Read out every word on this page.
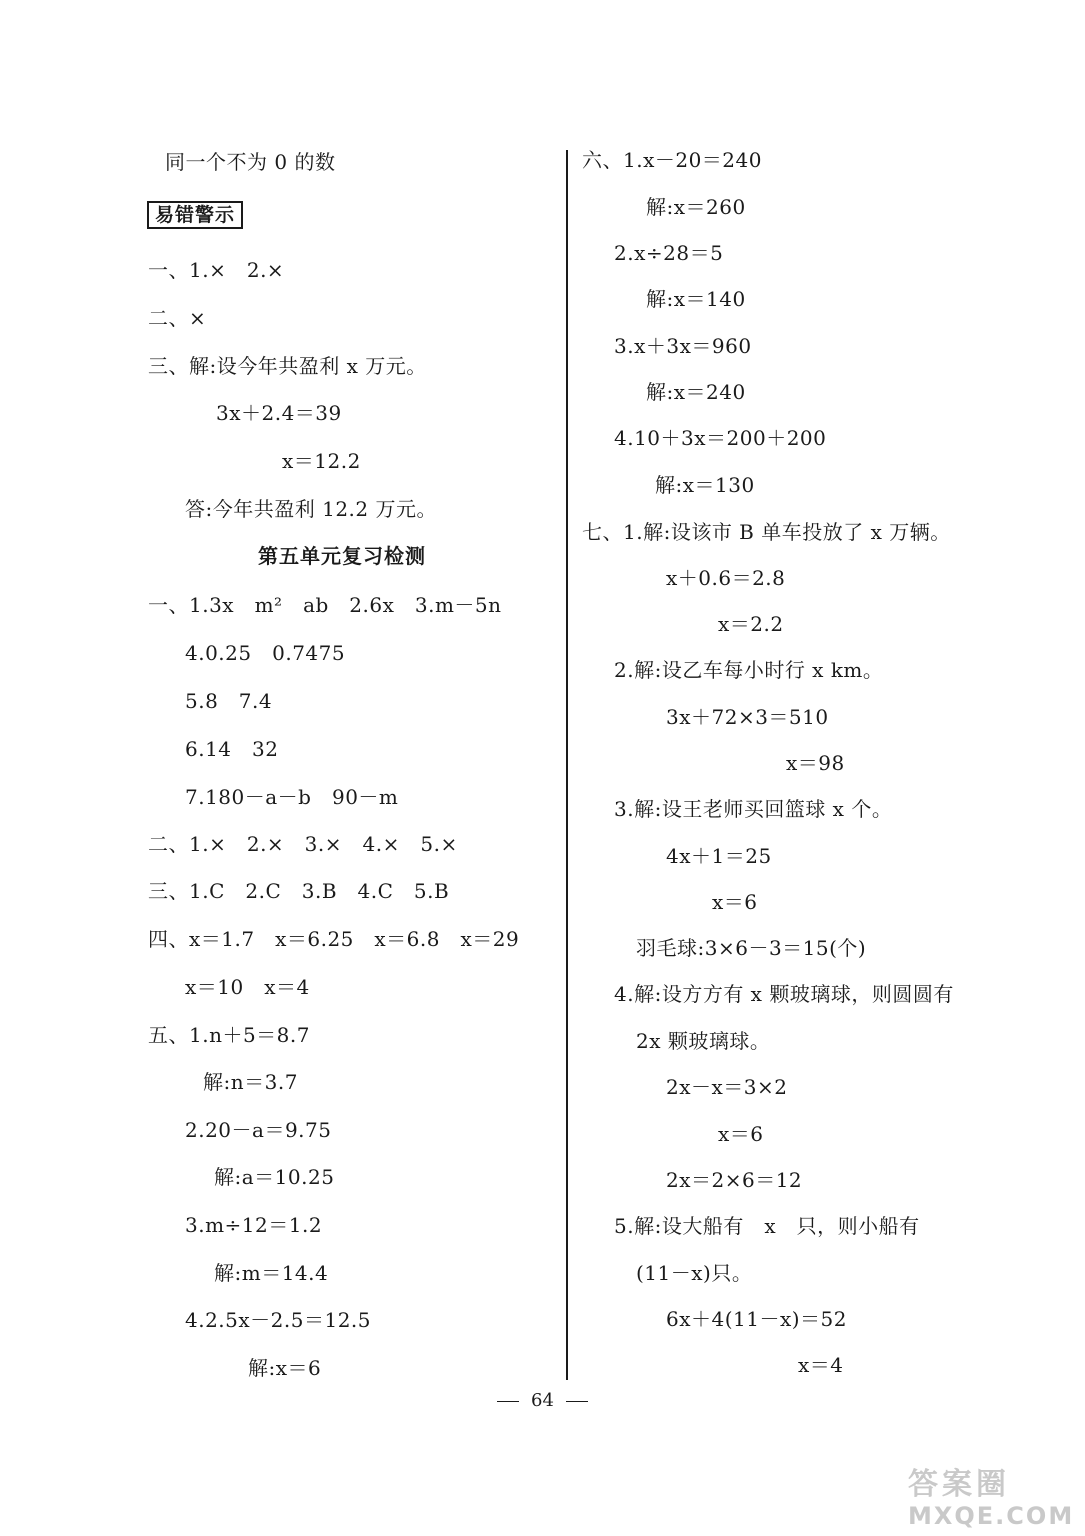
同一个不为 0 的数
易错警示
一、1.×　2.×
二、×
三、解:设今年共盈利 x 万元。
3x＋2.4＝39
x＝12.2
答:今年共盈利 12.2 万元。
第五单元复习检测
一、1.3x　m²　ab　2.6x　3.m－5n
4.0.25　0.7475
5.8　7.4
6.14　32
7.180－a－b　90－m
二、1.×　2.×　3.×　4.×　5.×
三、1.C　2.C　3.B　4.C　5.B
四、x＝1.7　x＝6.25　x＝6.8　x＝29
x＝10　x＝4
五、1.n＋5＝8.7
解:n＝3.7
2.20－a＝9.75
解:a＝10.25
3.m÷12＝1.2
解:m＝14.4
4.2.5x－2.5＝12.5
解:x＝6
六、1.x－20＝240
解:x＝260
2.x÷28＝5
解:x＝140
3.x＋3x＝960
解:x＝240
4.10＋3x＝200＋200
解:x＝130
七、1.解:设该市 B 单车投放了 x 万辆。
x＋0.6＝2.8
x＝2.2
2.解:设乙车每小时行 x km。
3x＋72×3＝510
x＝98
3.解:设王老师买回篮球 x 个。
4x＋1＝25
x＝6
羽毛球:3×6－3＝15(个)
4.解:设方方有 x 颗玻璃球，则圆圆有
2x 颗玻璃球。
2x－x＝3×2
x＝6
2x＝2×6＝12
5.解:设大船有　x　只，则小船有
(11－x)只。
6x＋4(11－x)＝52
x＝4
64
答案圈
MXQE.COM
